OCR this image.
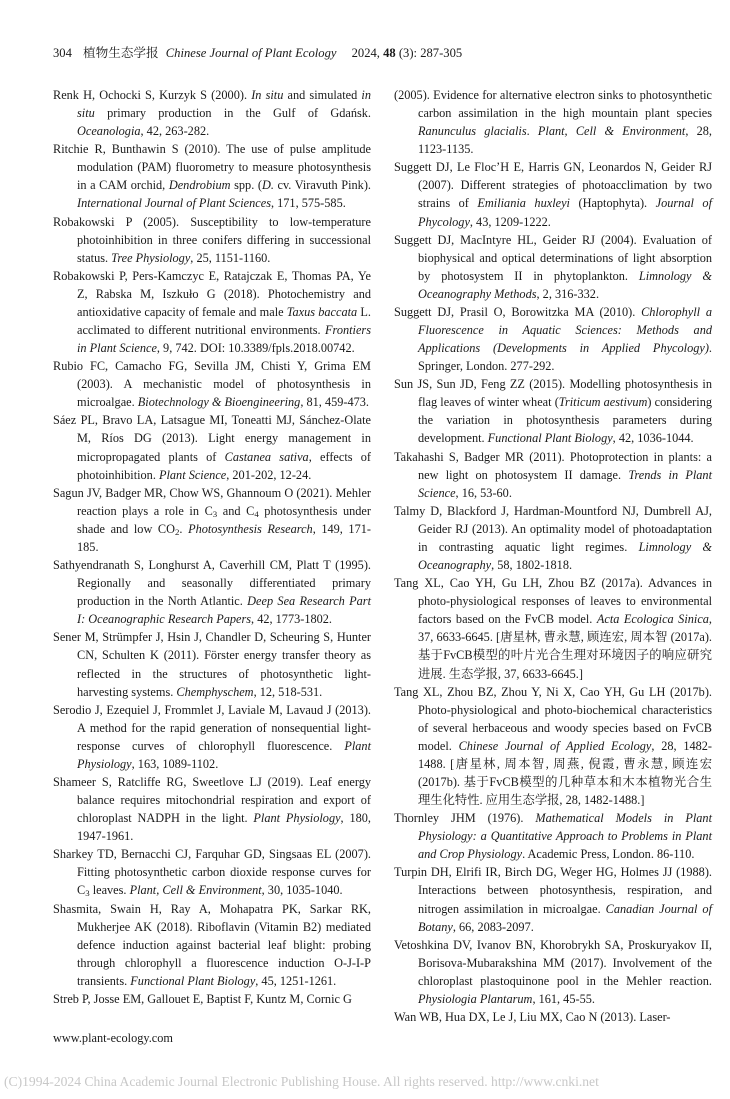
304 植物生态学报 Chinese Journal of Plant Ecology 2024, 48 (3): 287-305

Renk H, Ochocki S, Kurzyk S (2000). In situ and simulated in situ primary production in the Gulf of Gdańsk. Oceanologia, 42, 263-282.

Ritchie R, Bunthawin S (2010). The use of pulse amplitude modulation (PAM) fluorometry to measure photosynthesis in a CAM orchid, Dendrobium spp. (D. cv. Viravuth Pink). International Journal of Plant Sciences, 171, 575-585.

Robakowski P (2005). Susceptibility to low-temperature photoinhibition in three conifers differing in successional status. Tree Physiology, 25, 1151-1160.

Robakowski P, Pers-Kamczyc E, Ratajczak E, Thomas PA, Ye Z, Rabska M, Iszkuło G (2018). Photochemistry and antioxidative capacity of female and male Taxus baccata L. acclimated to different nutritional environments. Frontiers in Plant Science, 9, 742. DOI: 10.3389/fpls.2018.00742.

Rubio FC, Camacho FG, Sevilla JM, Chisti Y, Grima EM (2003). A mechanistic model of photosynthesis in microalgae. Biotechnology & Bioengineering, 81, 459-473.

Sáez PL, Bravo LA, Latsague MI, Toneatti MJ, Sánchez-Olate M, Ríos DG (2013). Light energy management in micropropagated plants of Castanea sativa, effects of photoinhibition. Plant Science, 201-202, 12-24.

Sagun JV, Badger MR, Chow WS, Ghannoum O (2021). Mehler reaction plays a role in $C_3$ and $C_4$ photosynthesis under shade and low $CO_2$. Photosynthesis Research, 149, 171-185.

Sathyendranath S, Longhurst A, Caverhill CM, Platt T (1995). Regionally and seasonally differentiated primary production in the North Atlantic. Deep Sea Research Part I: Oceanographic Research Papers, 42, 1773-1802.

Sener M, Strümpfer J, Hsin J, Chandler D, Scheuring S, Hunter CN, Schulten K (2011). Förster energy transfer theory as reflected in the structures of photosynthetic light-harvesting systems. Chemphyschem, 12, 518-531.

Serodio J, Ezequiel J, Frommlet J, Laviale M, Lavaud J (2013). A method for the rapid generation of nonsequential light-response curves of chlorophyll fluorescence. Plant Physiology, 163, 1089-1102.

Shameer S, Ratcliffe RG, Sweetlove LJ (2019). Leaf energy balance requires mitochondrial respiration and export of chloroplast NADPH in the light. Plant Physiology, 180, 1947-1961.

Sharkey TD, Bernacchi CJ, Farquhar GD, Singsaas EL (2007). Fitting photosynthetic carbon dioxide response curves for $C_3$ leaves. Plant, Cell & Environment, 30, 1035-1040.

Shasmita, Swain H, Ray A, Mohapatra PK, Sarkar RK, Mukherjee AK (2018). Riboflavin (Vitamin B2) mediated defence induction against bacterial leaf blight: probing through chlorophyll a fluorescence induction O-J-I-P transients. Functional Plant Biology, 45, 1251-1261.

Streb P, Josse EM, Gallouet E, Baptist F, Kuntz M, Cornic G

(2005). Evidence for alternative electron sinks to photosynthetic carbon assimilation in the high mountain plant species Ranunculus glacialis. Plant, Cell & Environment, 28, 1123-1135.

Suggett DJ, Le Floc’H E, Harris GN, Leonardos N, Geider RJ (2007). Different strategies of photoacclimation by two strains of Emiliania huxleyi (Haptophyta). Journal of Phycology, 43, 1209-1222.

Suggett DJ, MacIntyre HL, Geider RJ (2004). Evaluation of biophysical and optical determinations of light absorption by photosystem II in phytoplankton. Limnology & Oceanography Methods, 2, 316-332.

Suggett DJ, Prasil O, Borowitzka MA (2010). Chlorophyll a Fluorescence in Aquatic Sciences: Methods and Applications (Developments in Applied Phycology). Springer, London. 277-292.

Sun JS, Sun JD, Feng ZZ (2015). Modelling photosynthesis in flag leaves of winter wheat (Triticum aestivum) considering the variation in photosynthesis parameters during development. Functional Plant Biology, 42, 1036-1044.

Takahashi S, Badger MR (2011). Photoprotection in plants: a new light on photosystem II damage. Trends in Plant Science, 16, 53-60.

Talmy D, Blackford J, Hardman-Mountford NJ, Dumbrell AJ, Geider RJ (2013). An optimality model of photoadaptation in contrasting aquatic light regimes. Limnology & Oceanography, 58, 1802-1818.

Tang XL, Cao YH, Gu LH, Zhou BZ (2017a). Advances in photo-physiological responses of leaves to environmental factors based on the FvCB model. Acta Ecologica Sinica, 37, 6633-6645. [唐星林, 曹永慧, 顾连宏, 周本智 (2017a). 基于FvCB模型的叶片光合生理对环境因子的响应研究进展. 生态学报, 37, 6633-6645.]

Tang XL, Zhou BZ, Zhou Y, Ni X, Cao YH, Gu LH (2017b). Photo-physiological and photo-biochemical characteristics of several herbaceous and woody species based on FvCB model. Chinese Journal of Applied Ecology, 28, 1482-1488. [唐星林, 周本智, 周燕, 倪霞, 曹永慧, 顾连宏 (2017b). 基于FvCB模型的几种草本和木本植物光合生理生化特性. 应用生态学报, 28, 1482-1488.]

Thornley JHM (1976). Mathematical Models in Plant Physiology: a Quantitative Approach to Problems in Plant and Crop Physiology. Academic Press, London. 86-110.

Turpin DH, Elrifi IR, Birch DG, Weger HG, Holmes JJ (1988). Interactions between photosynthesis, respiration, and nitrogen assimilation in microalgae. Canadian Journal of Botany, 66, 2083-2097.

Vetoshkina DV, Ivanov BN, Khorobrykh SA, Proskuryakov II, Borisova-Mubarakshina MM (2017). Involvement of the chloroplast plastoquinone pool in the Mehler reaction. Physiologia Plantarum, 161, 45-55.

Wan WB, Hua DX, Le J, Liu MX, Cao N (2013). Laser-

www.plant-ecology.com
(C)1994-2024 China Academic Journal Electronic Publishing House. All rights reserved. http://www.cnki.net
